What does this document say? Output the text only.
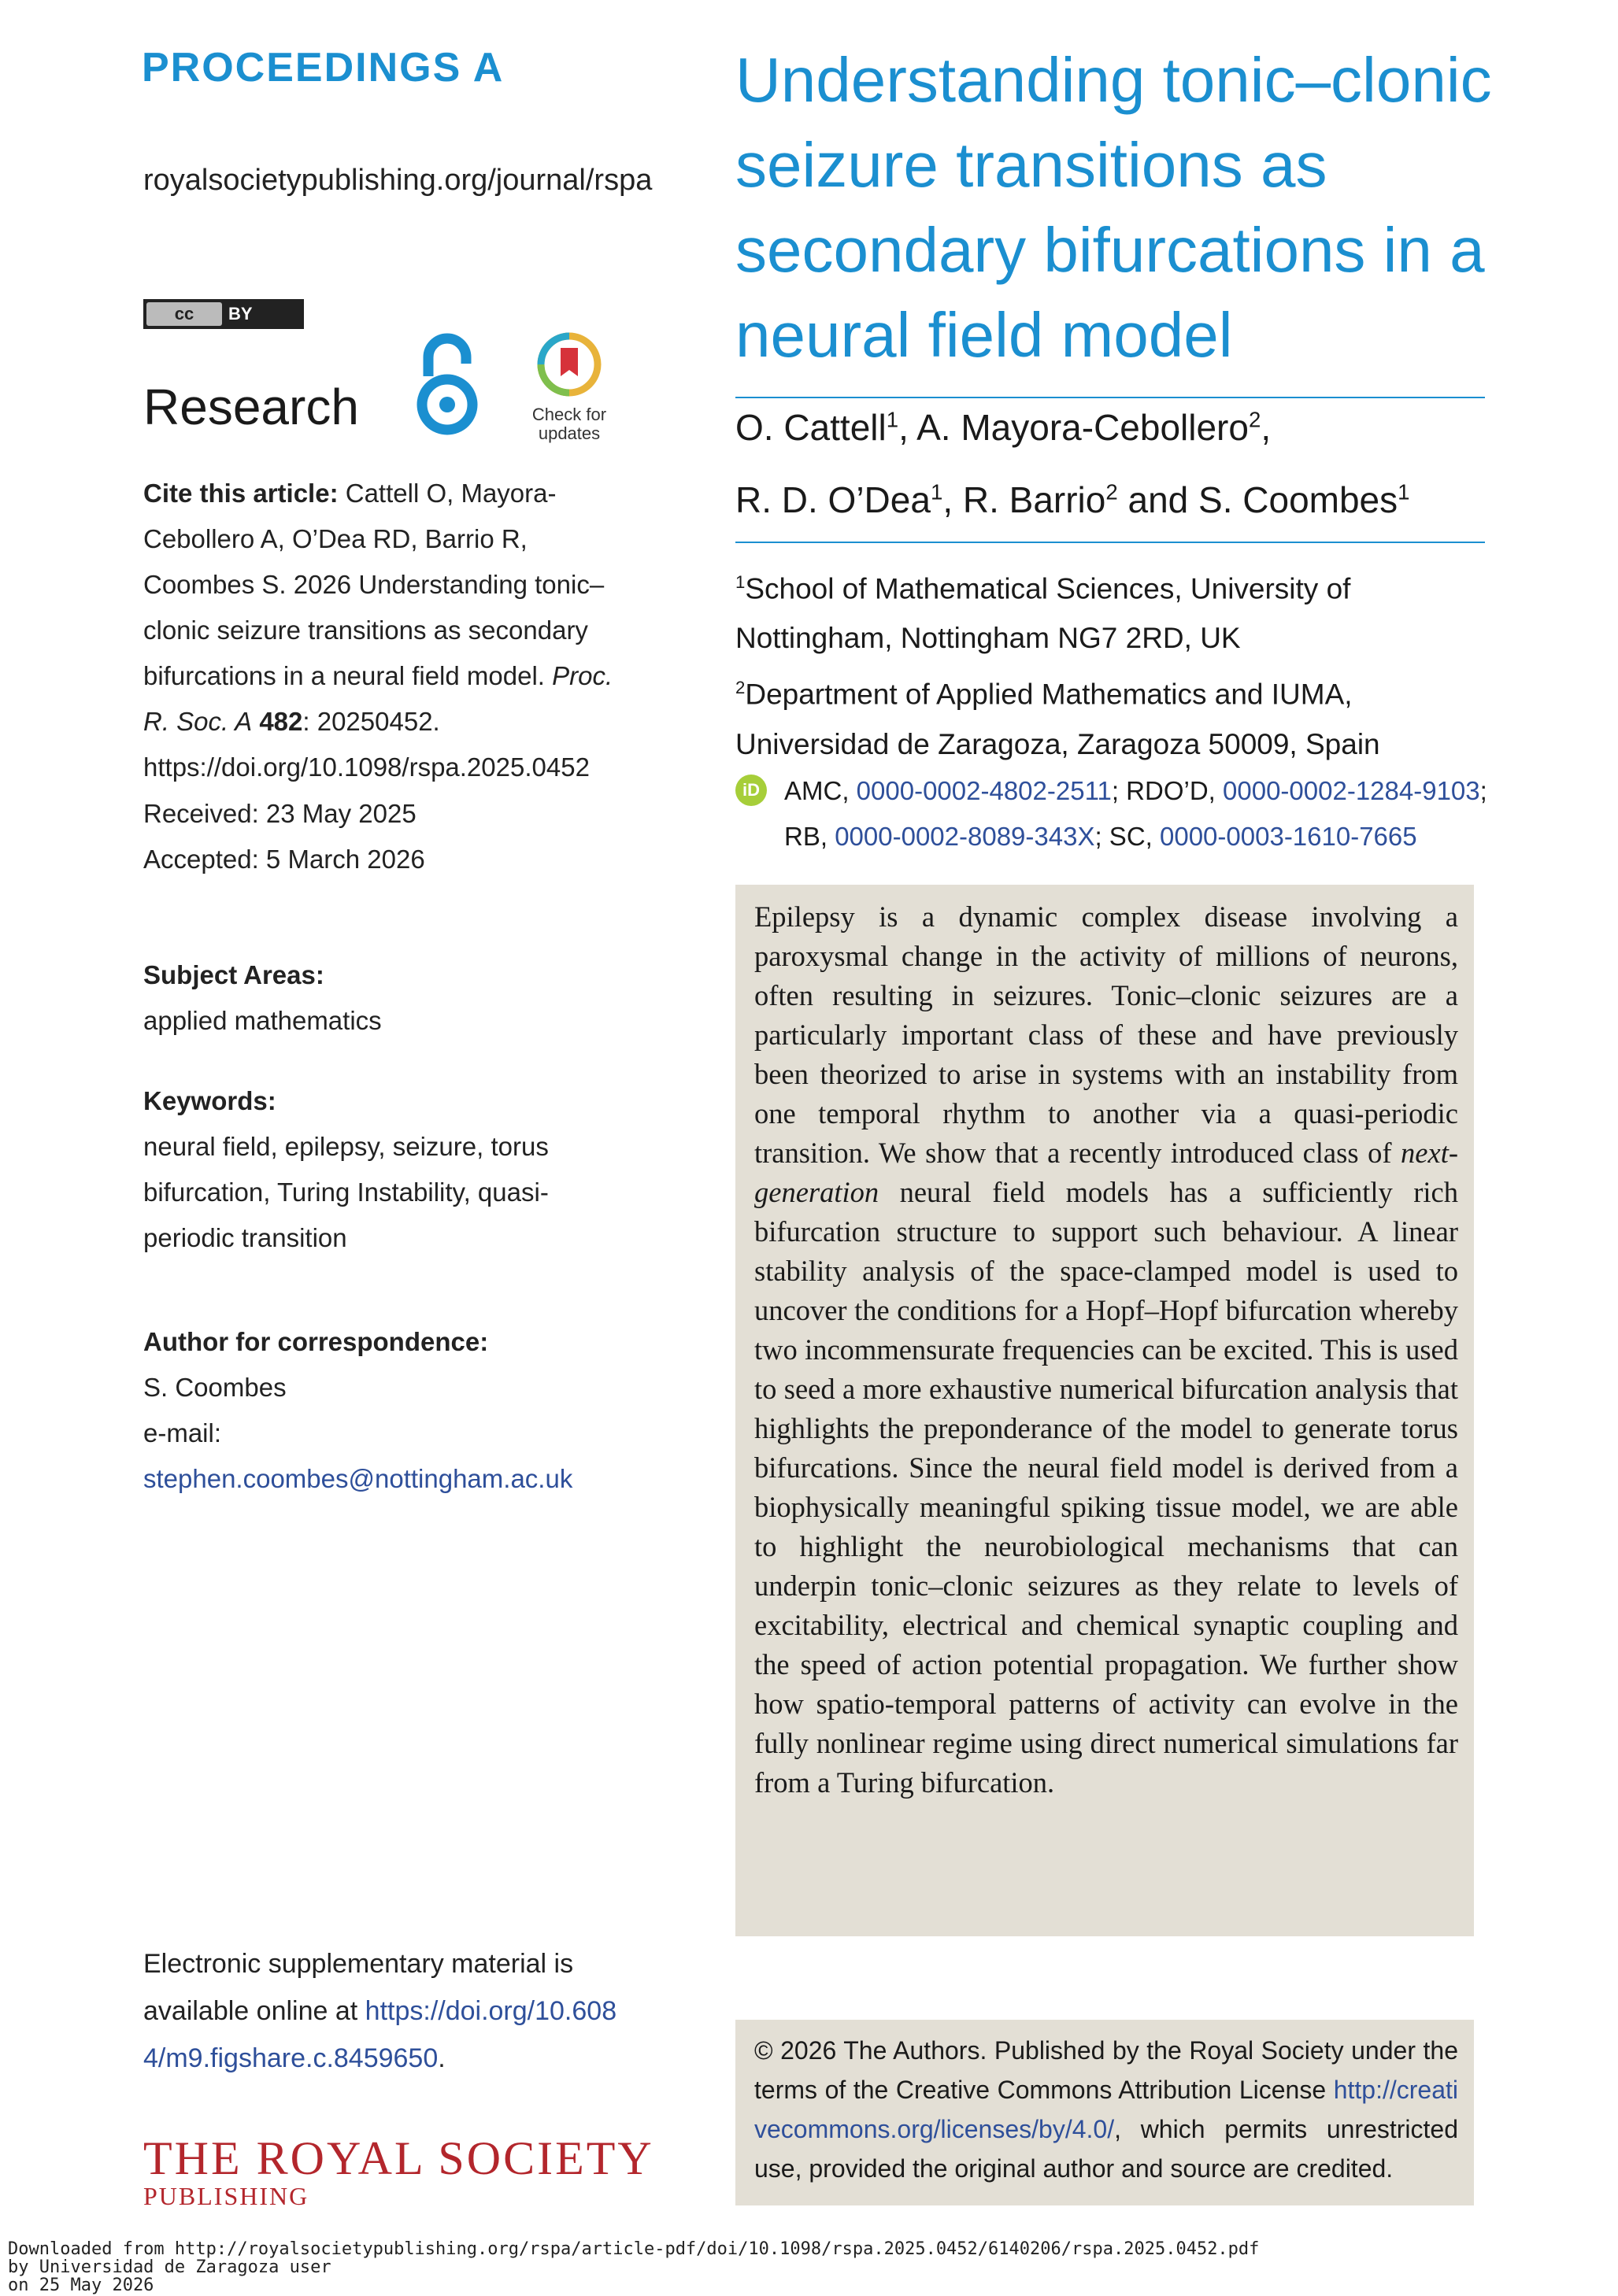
PROCEEDINGS A
royalsocietypublishing.org/journal/rspa
cc	BY
Research	Check for
updates
Cite this article: Cattell O, Mayora-Cebollero A, O’Dea RD, Barrio R, Coombes S. 2026 Understanding tonic–clonic seizure transitions as secondary bifurcations in a neural field model. Proc. R. Soc. A 482: 20250452.
https://doi.org/10.1098/rspa.2025.0452
Received: 23 May 2025
Accepted: 5 March 2026
Subject Areas:
applied mathematics
Keywords:
neural field, epilepsy, seizure, torus bifurcation, Turing Instability, quasi-periodic transition
Author for correspondence:
S. Coombes
e-mail: stephen.coombes@nottingham.ac.uk
Electronic supplementary material is available online at https://doi.org/10.6084/m9.figshare.c.8459650.
THE ROYAL SOCIETY
PUBLISHING
Understanding tonic–clonic seizure transitions as secondary bifurcations in a neural field model
O. Cattell$^1$, A. Mayora-Cebollero$^2$,
R. D. O’Dea$^1$, R. Barrio$^2$ and S. Coombes$^1$
$^1$School of Mathematical Sciences, University of Nottingham, Nottingham NG7 2RD, UK
$^2$Department of Applied Mathematics and IUMA, Universidad de Zaragoza, Zaragoza 50009, Spain
iD AMC, 0000-0002-4802-2511; RDO’D, 0000-0002-1284-9103;
RB, 0000-0002-8089-343X; SC, 0000-0003-1610-7665
Epilepsy is a dynamic complex disease involving a paroxysmal change in the activity of millions of neurons, often resulting in seizures. Tonic–clonic seizures are a particularly important class of these and have previously been theorized to arise in systems with an instability from one temporal rhythm to another via a quasi-periodic transition. We show that a recently introduced class of next-generation neural field models has a sufficiently rich bifurcation structure to support such behaviour. A linear stability analysis of the space-clamped model is used to uncover the conditions for a Hopf–Hopf bifurcation whereby two incommensurate frequencies can be excited. This is used to seed a more exhaustive numerical bifurcation analysis that highlights the preponderance of the model to generate torus bifurcations. Since the neural field model is derived from a biophysically meaningful spiking tissue model, we are able to highlight the neurobiological mechanisms that can underpin tonic–clonic seizures as they relate to levels of excitability, electrical and chemical synaptic coupling and the speed of action potential propagation. We further show how spatio-temporal patterns of activity can evolve in the fully nonlinear regime using direct numerical simulations far from a Turing bifurcation.
© 2026 The Authors. Published by the Royal Society under the terms of the Creative Commons Attribution License http://creativecommons.org/licenses/by/4.0/, which permits unrestricted use, provided the original author and source are credited.
Downloaded from http://royalsocietypublishing.org/rspa/article-pdf/doi/10.1098/rspa.2025.0452/6140206/rspa.2025.0452.pdf
by Universidad de Zaragoza user
on 25 May 2026
